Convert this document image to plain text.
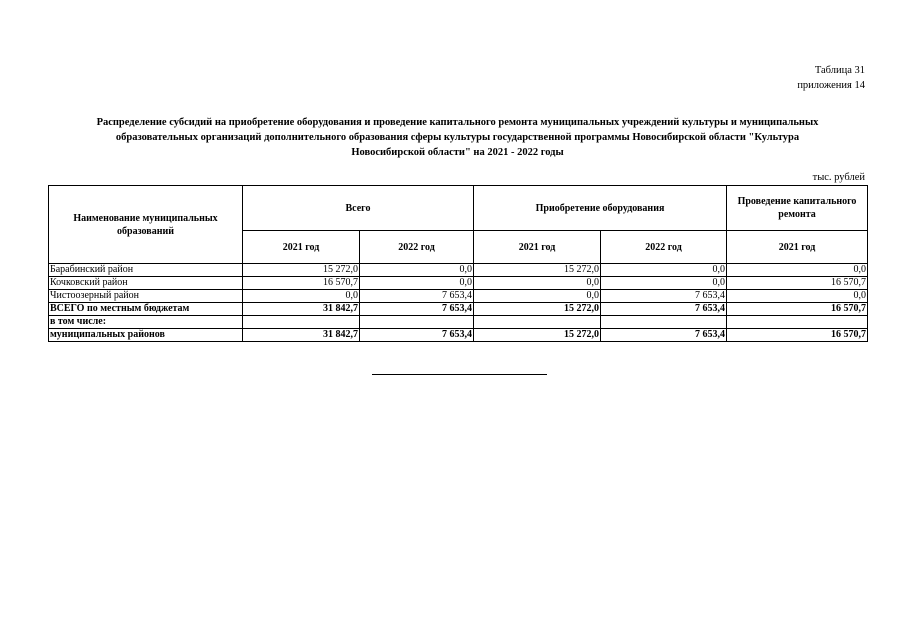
Таблица 31
приложения 14
Распределение субсидий на приобретение оборудования и проведение капитального ремонта муниципальных учреждений культуры и муниципальных
образовательных организаций дополнительного образования сферы культуры государственной программы Новосибирской области "Культура
Новосибирской области" на 2021 - 2022 годы
тыс. рублей
Наименование муниципальных образований	Всего		Приобретение оборудования		Проведение капитального ремонта
	2021 год	2022 год	2021 год	2022 год	2021 год
Барабинский район	15 272,0	0,0	15 272,0	0,0	0,0
Кочковский район	16 570,7	0,0	0,0	0,0	16 570,7
Чистоозерный район	0,0	7 653,4	0,0	7 653,4	0,0
ВСЕГО по местным бюджетам	31 842,7	7 653,4	15 272,0	7 653,4	16 570,7
в том числе:					
муниципальных районов	31 842,7	7 653,4	15 272,0	7 653,4	16 570,7
